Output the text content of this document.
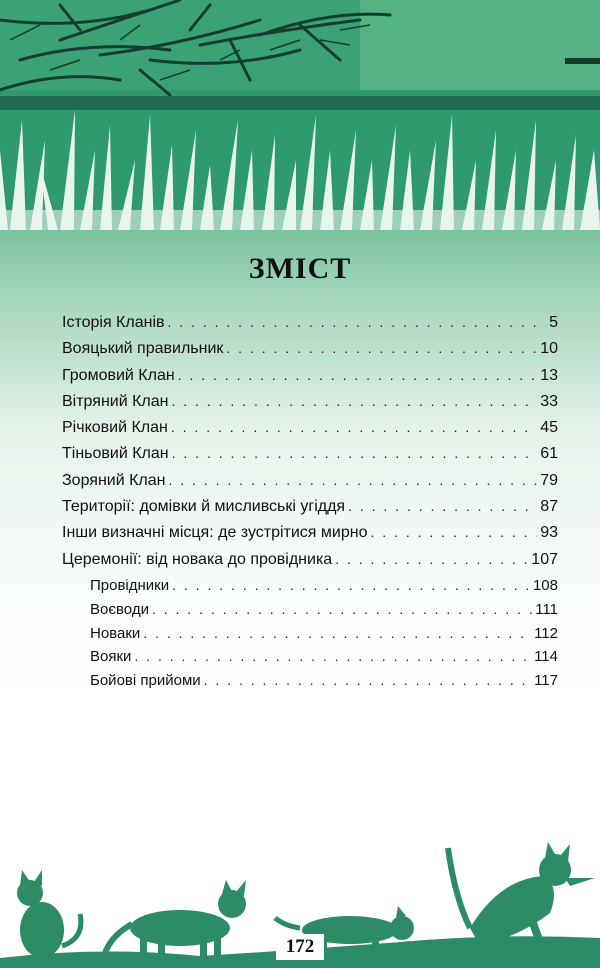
ЗМІСТ
Історія Кланів . . .	5
Вояцький правильник . . .	10
Громовий Клан . . .	13
Вітряний Клан . . .	33
Річковий Клан . . .	45
Тіньовий Клан . . .	61
Зоряний Клан . . .	79
Території: домівки й мисливські угіддя . . .	87
Інши визначні місця: де зустрітися мирно . . .	93
Церемонії: від новака до провідника . . .	107
Провідники . . .	108
Воєводи . . .	111
Новаки . . .	112
Вояки . . .	114
Бойові прийоми . . .	117
172
